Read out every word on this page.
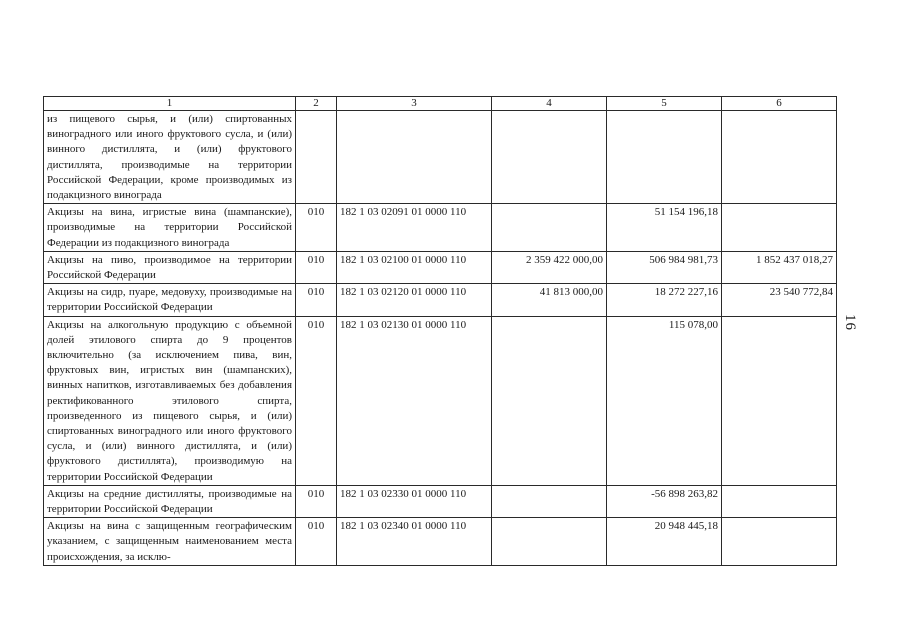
1	2	3	4	5	6
из пищевого сырья, и (или) спиртованных виноградного или иного фруктового сусла, и (или) винного дистиллята, и (или) фруктового дистиллята, производимые на территории Российской Федерации, кроме производимых из подакцизного винограда					
Акцизы на вина, игристые вина (шампанские), производимые на территории Российской Федерации из подакцизного винограда	010	182 1 03 02091 01 0000 110		51 154 196,18	
Акцизы на пиво, производимое на территории Российской Федерации	010	182 1 03 02100 01 0000 110	2 359 422 000,00	506 984 981,73	1 852 437 018,27
Акцизы на сидр, пуаре, медовуху, производимые на территории Российской Федерации	010	182 1 03 02120 01 0000 110	41 813 000,00	18 272 227,16	23 540 772,84
Акцизы на алкогольную продукцию с объемной долей этилового спирта до 9 процентов включительно (за исключением пива, вин, фруктовых вин, игристых вин (шампанских), винных напитков, изготавливаемых без добавления ректификованного этилового спирта, произведенного из пищевого сырья, и (или) спиртованных виноградного или иного фруктового сусла, и (или) винного дистиллята, и (или) фруктового дистиллята), производимую на территории Российской Федерации	010	182 1 03 02130 01 0000 110		115 078,00	
Акцизы на средние дистилляты, производимые на территории Российской Федерации	010	182 1 03 02330 01 0000 110		-56 898 263,82	
Акцизы на вина с защищенным географическим указанием, с защищенным наименованием места происхождения, за исклю-	010	182 1 03 02340 01 0000 110		20 948 445,18	
16
